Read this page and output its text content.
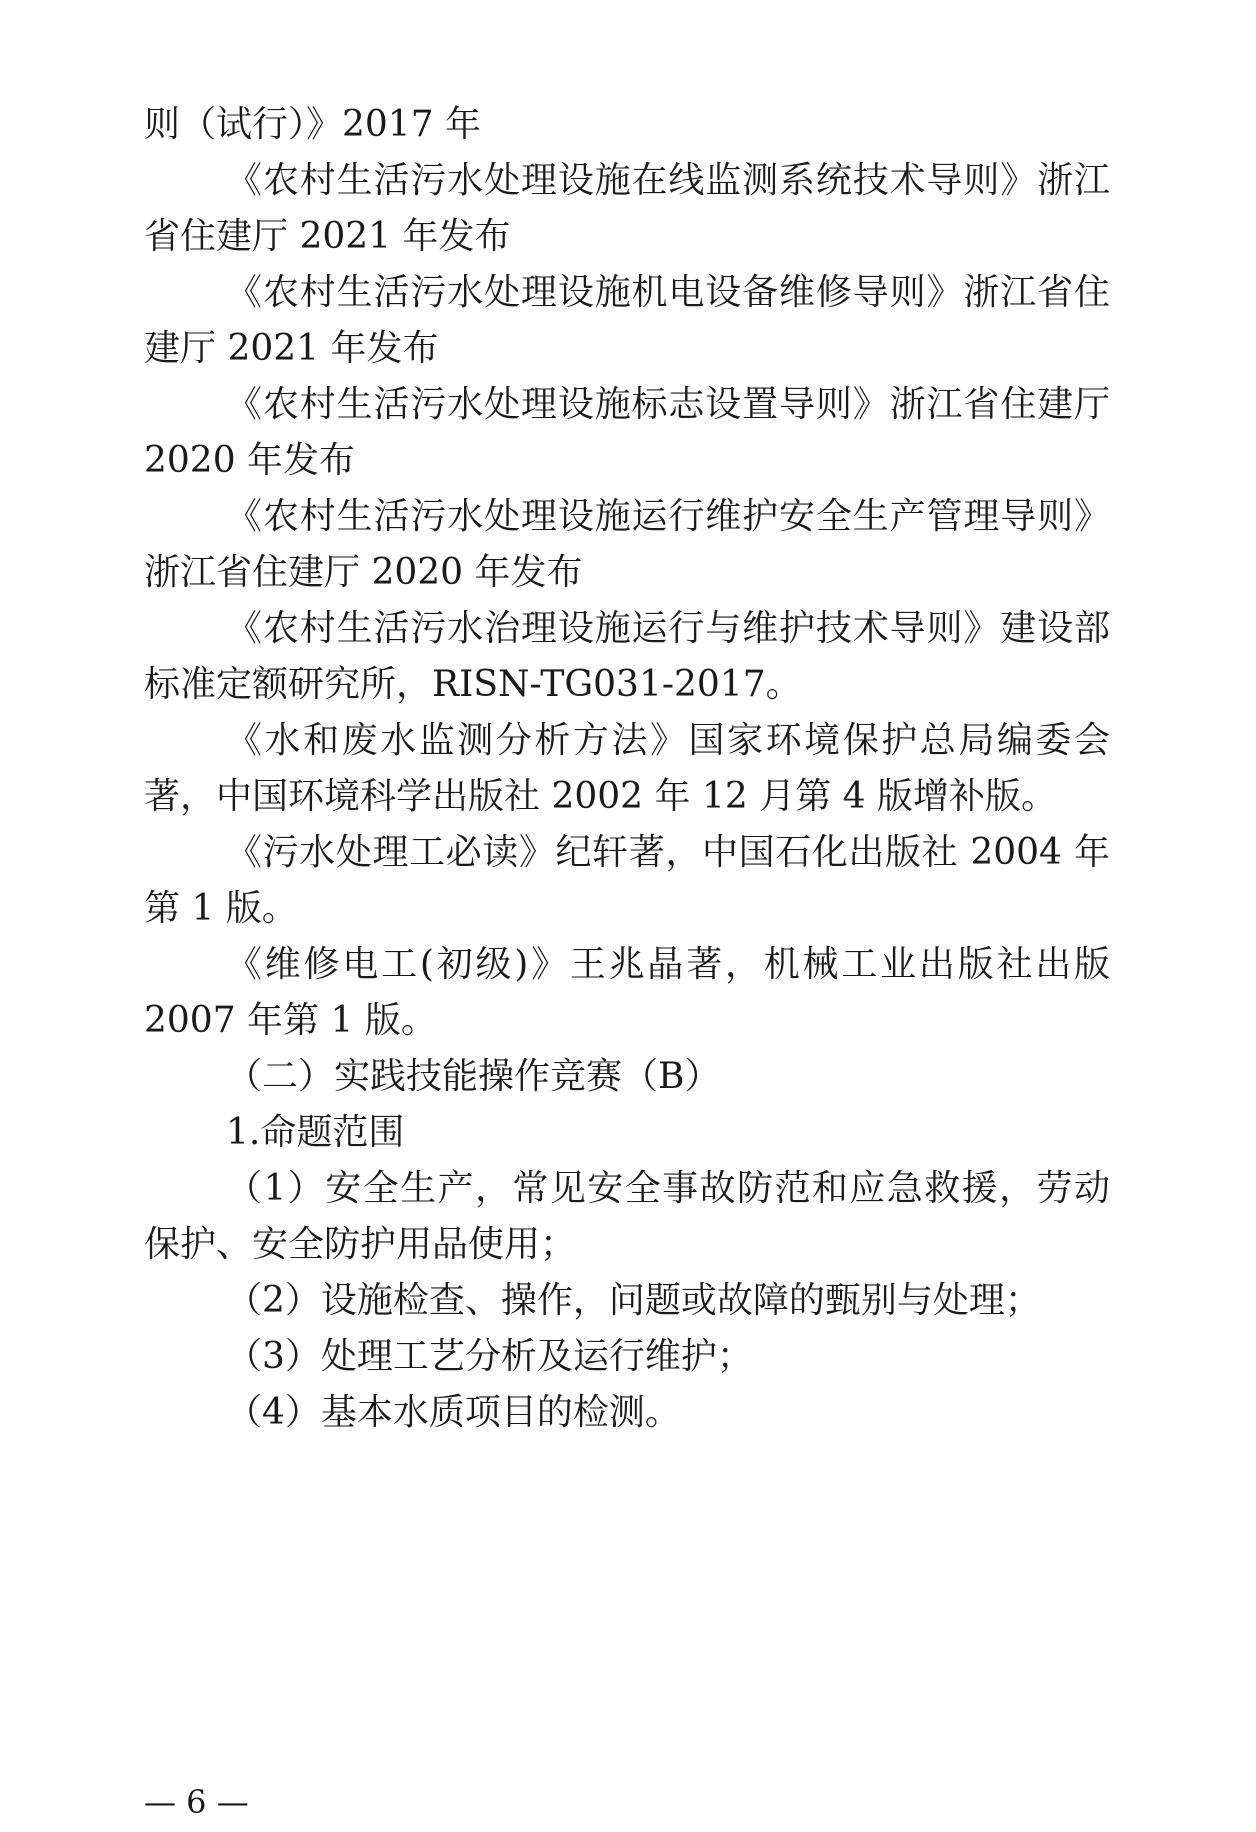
则（试行）》2017 年
《农村生活污水处理设施在线监测系统技术导则》浙江
省住建厅 2021 年发布
《农村生活污水处理设施机电设备维修导则》浙江省住
建厅 2021 年发布
《农村生活污水处理设施标志设置导则》浙江省住建厅
2020 年发布
《农村生活污水处理设施运行维护安全生产管理导则》
浙江省住建厅 2020 年发布
《农村生活污水治理设施运行与维护技术导则》建设部
标准定额研究所，RISN-TG031-2017。
《水和废水监测分析方法》国家环境保护总局编委会
著，中国环境科学出版社 2002 年 12 月第 4 版增补版。
《污水处理工必读》纪轩著，中国石化出版社 2004 年
第 1 版。
《维修电工(初级)》王兆晶著，机械工业出版社出版
2007 年第 1 版。
（二）实践技能操作竞赛（B）
1.命题范围
（1）安全生产，常见安全事故防范和应急救援，劳动
保护、安全防护用品使用；
（2）设施检查、操作，问题或故障的甄别与处理；
（3）处理工艺分析及运行维护；
（4）基本水质项目的检测。
— 6 —
